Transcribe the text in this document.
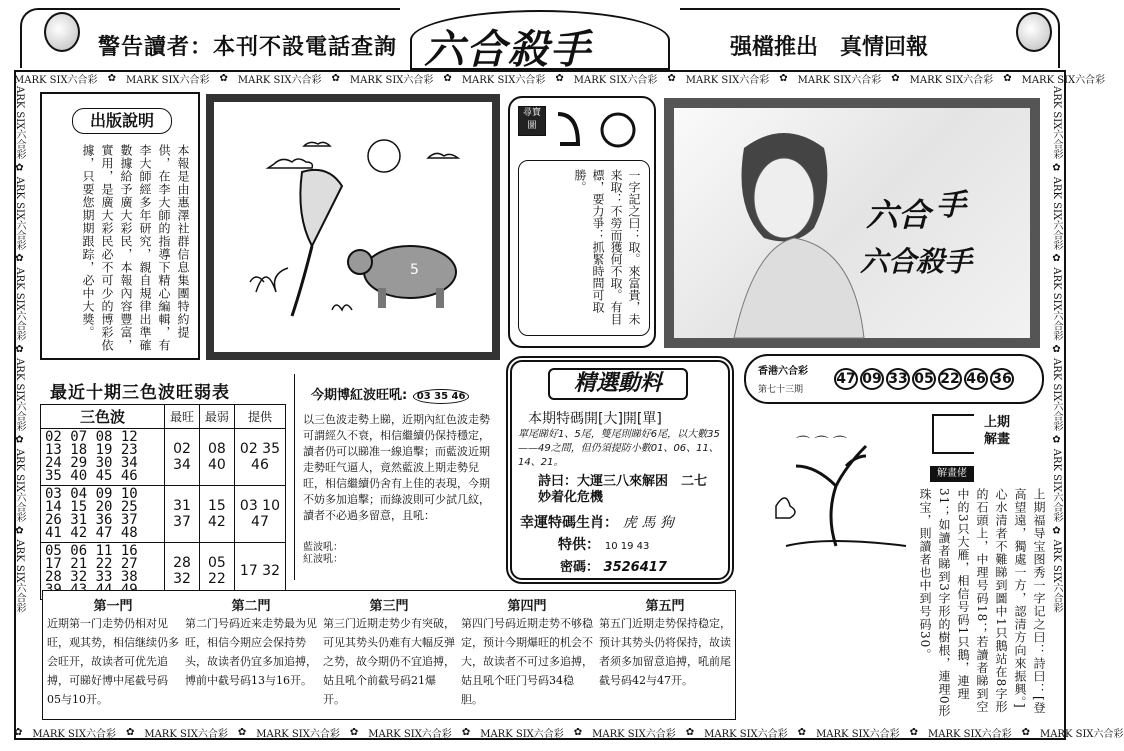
警告讀者：本刊不設電話查詢 六合殺手	强檔推出　真情回報
MARK SIX六合彩 ✿ MARK SIX六合彩 ✿ MARK SIX六合彩 ✿ MARK SIX六合彩 ✿ MARK SIX六合彩 ✿ MARK SIX六合彩 ✿ MARK SIX六合彩 ✿ MARK SIX六合彩 ✿ MARK SIX六合彩 ✿ MARK SIX六合彩
✿ MARK SIX六合彩 ✿ MARK SIX六合彩 ✿ MARK SIX六合彩 ✿ MARK SIX六合彩 ✿ MARK SIX六合彩 ✿ MARK SIX六合彩 ✿ MARK SIX六合彩 ✿ MARK SIX六合彩 ✿ MARK SIX六合彩 ✿ MARK SIX六合彩
ARK SIX六合彩 ✿ ARK SIX六合彩 ✿ ARK SIX六合彩 ✿ ARK SIX六合彩 ✿ ARK SIX六合彩 ✿ ARK SIX六合彩
ARK SIX六合彩 ✿ ARK SIX六合彩 ✿ ARK SIX六合彩 ✿ ARK SIX六合彩 ✿ ARK SIX六合彩 ✿ ARK SIX六合彩
出版說明
本報是由惠澤社群信息集團特約提供，在李大師的指導下精心編輯，有李大師經多年研究，親自規律出準確數據給予廣大彩民，本報內容豐富，實用，是廣大彩民必不可少的博彩依據，只要您期期跟踪，必中大獎。	5
尋寶圖
一字記之曰：取。來富貴，未来取：不勞而獲何不取。有目標，要力爭：抓緊時間可取勝。
六合 手
六合殺手
最近十期三色波旺弱表
三色波	最旺	最弱	提供
02 07 08 12 13 18 19 23 24 29 30 34 35 40 45 46	02 34	08 40	02 35 46
03 04 09 10 14 15 20 25 26 31 36 37 41 42 47 48	31 37	15 42	03 10 47
05 06 11 16 17 21 22 27 28 32 33 38	28 32	05 22	17 32
今期博紅波旺吼: 03 35 46
以三色波走勢上睇，近期內紅色波走勢可謂經久不衰，相信繼續仍保持穩定，讀者仍可以睇准一線追擊；而藍波近期走勢旺气逼人，竟然藍波上期走勢兒旺，相信繼續仍舍有上佳的表現，今期不妨多加追擊；而綠波則可少試几紋，讀者不必過多留意，且吼：
藍波吼：
紅波吼：
精選動料
本期特碼開[大]開[單]
單尾睇好1、5尾，雙尾則睇好6尾，以大數35——49之間，但仍須提防小數01、06、11、14、21。
詩曰：大運三八來解困　二七妙着化危機
幸運特碼生肖： 虎 馬 狗
特供： 10 19 43
密碼： 3526417
香港六合彩
第七十三期
47 09 33 05 22 46 36
⌒ ⌒ ⌒
上期
解畫
解畫佬
上期福导宝图秀一字记之曰：詩曰：[登高望遠，獨處一方，認清方向來振興。]心水清者不難睇到圖中1只鵝站在8字形的石頭上，中理号码18；若讀者睇到空中的3只大雁，相信号码1只鵝，連理31；如讀者睇到3字形的樹根，連理0形珠宝，則讀者也中到号码30。
第一門
近期第一门走势仍相对见旺，观其势，相信继续仍多会旺开，故读者可优先追搏，可睇好博中尾截号码05与10开。
第二門
第二门号码近来走势最为见旺，相信今期应会保持势头，故读者仍宜多加追搏，博前中截号码13与16开。
第三門
第三门近期走势少有突破，可见其势头仍难有大幅反弹之势，故今期仍不宜追搏，姑且吼个前截号码21爆开。
第四門
第四门号码近期走势不够稳定，预计今期爆旺的机会不大，故读者不可过多追搏，姑且吼个旺门号码34稳胆。
第五門
第五门近期走势保持稳定，预计其势头仍将保持，故读者须多加留意追搏，吼前尾截号码42与47开。
